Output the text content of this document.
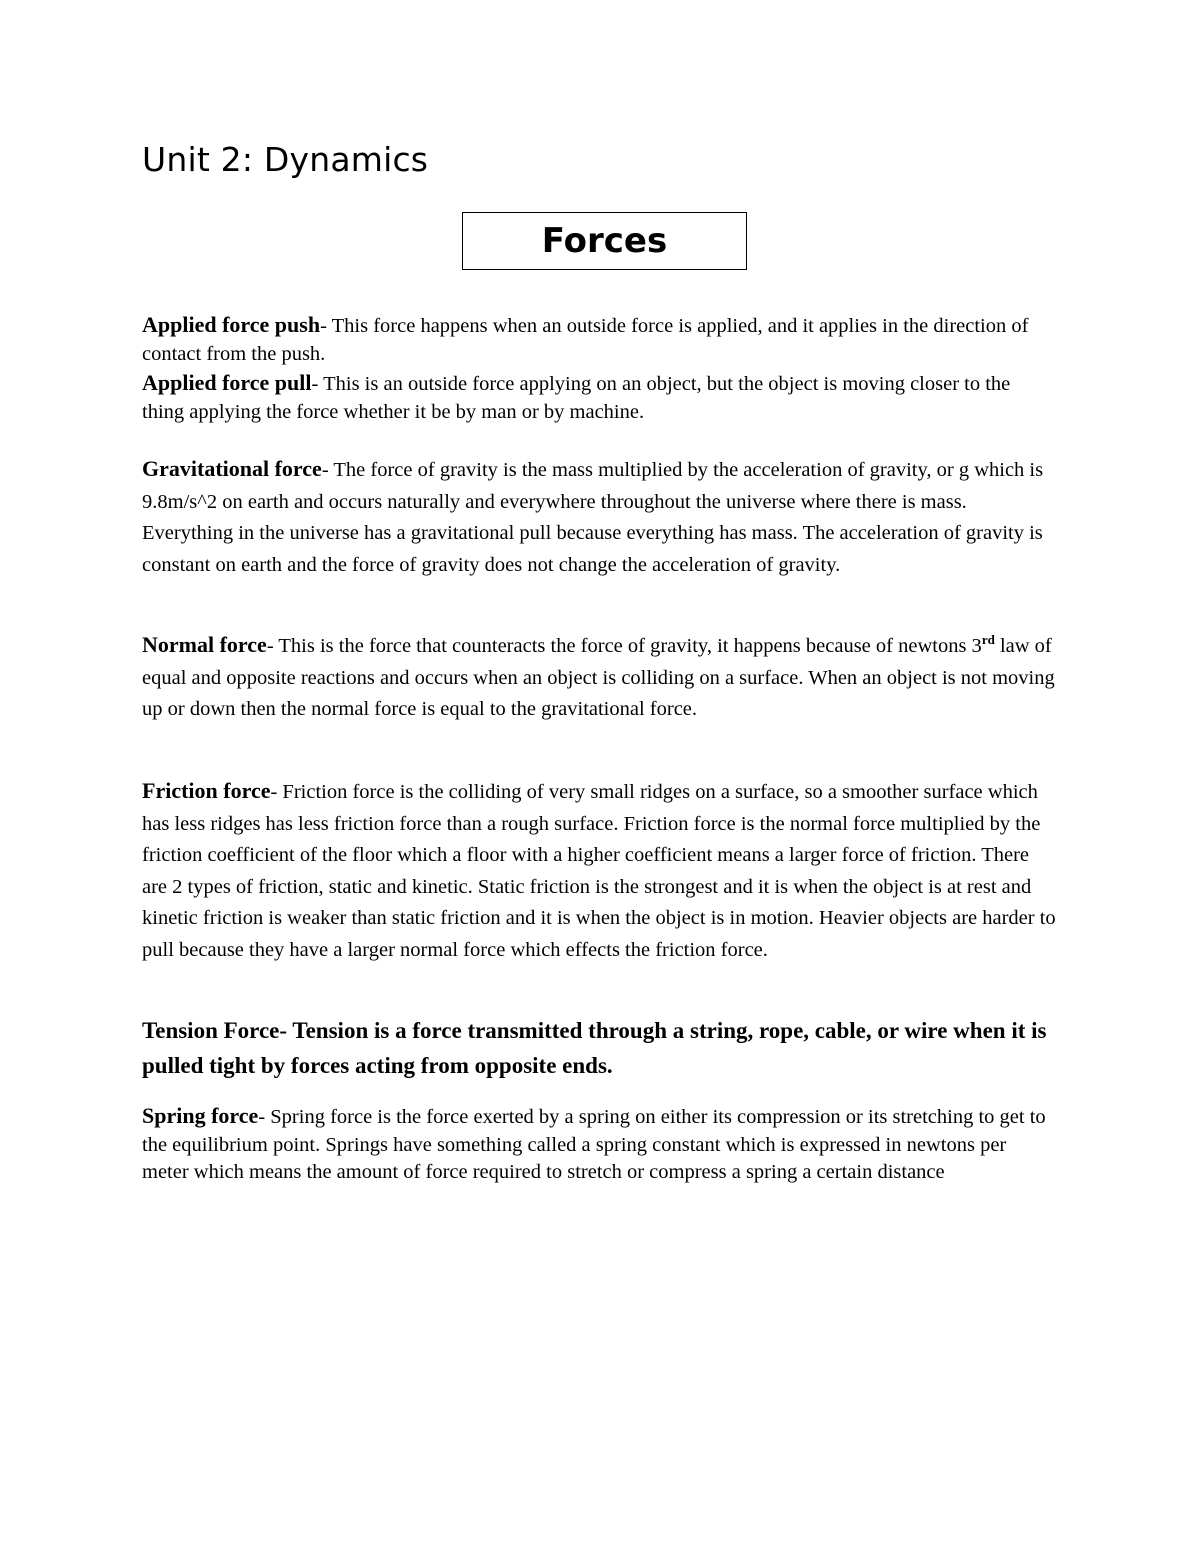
Unit 2: Dynamics
Forces

Applied force push- This force happens when an outside force is applied, and it applies in the direction of contact from the push.

Applied force pull- This is an outside force applying on an object, but the object is moving closer to the thing applying the force whether it be by man or by machine.

Gravitational force- The force of gravity is the mass multiplied by the acceleration of gravity, or g which is 9.8m/s^2 on earth and occurs naturally and everywhere throughout the universe where there is mass. Everything in the universe has a gravitational pull because everything has mass. The acceleration of gravity is constant on earth and the force of gravity does not change the acceleration of gravity.

Normal force- This is the force that counteracts the force of gravity, it happens because of newtons 3rd law of equal and opposite reactions and occurs when an object is colliding on a surface. When an object is not moving up or down then the normal force is equal to the gravitational force.

Friction force- Friction force is the colliding of very small ridges on a surface, so a smoother surface which has less ridges has less friction force than a rough surface. Friction force is the normal force multiplied by the friction coefficient of the floor which a floor with a higher coefficient means a larger force of friction. There are 2 types of friction, static and kinetic. Static friction is the strongest and it is when the object is at rest and kinetic friction is weaker than static friction and it is when the object is in motion. Heavier objects are harder to pull because they have a larger normal force which effects the friction force.

Tension Force- Tension is a force transmitted through a string, rope, cable, or wire when it is pulled tight by forces acting from opposite ends.

Spring force- Spring force is the force exerted by a spring on either its compression or its stretching to get to the equilibrium point. Springs have something called a spring constant which is expressed in newtons per meter which means the amount of force required to stretch or compress a spring a certain distance
